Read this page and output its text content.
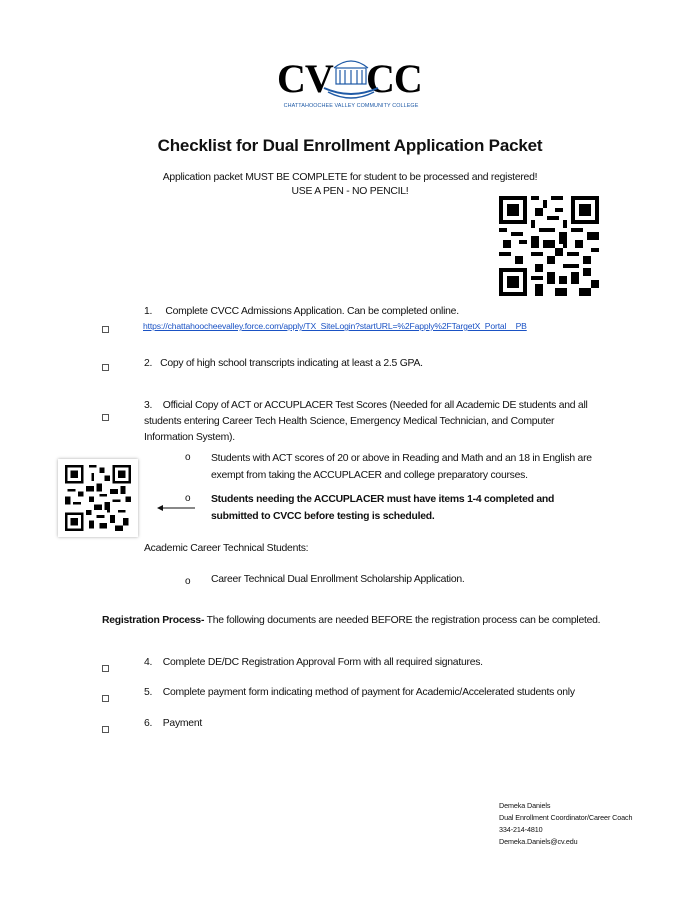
CV CC
CHATTAHOOCHEE VALLEY COMMUNITY COLLEGE
Checklist for Dual Enrollment Application Packet
Application packet MUST BE COMPLETE for student to be processed and registered!
USE A PEN - NO PENCIL!
1. Complete CVCC Admissions Application. Can be completed online.
https://chattahoocheevalley.force.com/apply/TX_SiteLogin?startURL=%2Fapply%2FTargetX_Portal__PB
2. Copy of high school transcripts indicating at least a 2.5 GPA.
3. Official Copy of ACT or ACCUPLACER Test Scores (Needed for all Academic DE students and all students entering Career Tech Health Science, Emergency Medical Technician, and Computer Information System).
o Students with ACT scores of 20 or above in Reading and Math and an 18 in English are exempt from taking the ACCUPLACER and college preparatory courses.
o Students needing the ACCUPLACER must have items 1-4 completed and submitted to CVCC before testing is scheduled.
Academic Career Technical Students:
o Career Technical Dual Enrollment Scholarship Application.
Registration Process- The following documents are needed BEFORE the registration process can be completed.
4. Complete DE/DC Registration Approval Form with all required signatures.
5. Complete payment form indicating method of payment for Academic/Accelerated students only
6. Payment
Demeka Daniels
Dual Enrollment Coordinator/Career Coach
334-214-4810
Demeka.Daniels@cv.edu
